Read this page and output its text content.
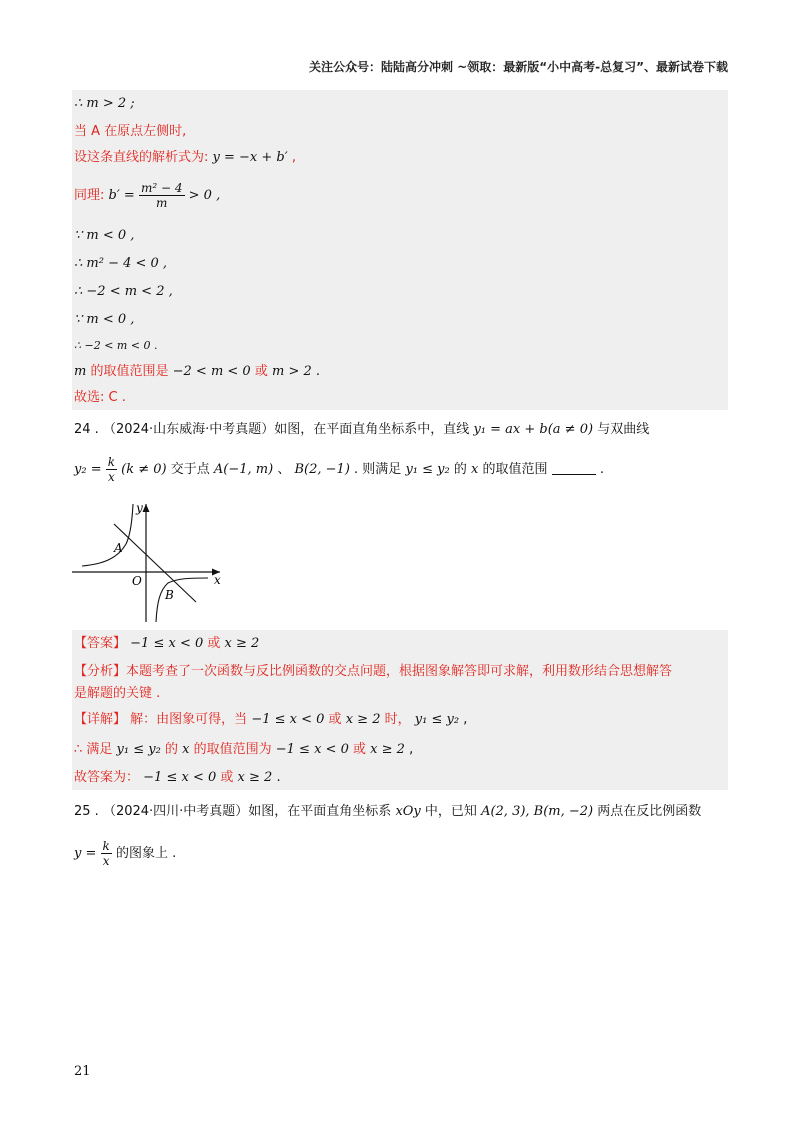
关注公众号：陆陆高分冲刺 ~领取：最新版“小中高考-总复习”、最新试卷下载
∴ m > 2 ;
当 A 在原点左侧时,
设这条直线的解析式为: y = −x + b′ ,
同理: $b' = \frac{\text{m² − 4}}{m} > 0$ ,
∵ m < 0 ,
∴ m² − 4 < 0 ,
∴ −2 < m < 2 ,
∵ m < 0 ,
∴ −2 < m < 0 .
m 的取值范围是 −2 < m < 0 或 m > 2 .
故选: C .
24 . （2024·山东威海·中考真题）如图，在平面直角坐标系中，直线 y₁ = ax + b(a ≠ 0) 与双曲线
$y_2 = \frac{k}{x} (k \ne 0)$ 交于点 A(−1, m) 、 B(2, −1) . 则满足 y₁ ≤ y₂ 的 x 的取值范围	.
y
x
O
A
B
【答案】 −1 ≤ x < 0 或 x ≥ 2
【分析】本题考查了一次函数与反比例函数的交点问题，根据图象解答即可求解，利用数形结合思想解答
是解题的关键 .
【详解】 解：由图象可得，当 −1 ≤ x < 0 或 x ≥ 2 时， y₁ ≤ y₂ ,
∴ 满足 y₁ ≤ y₂ 的 x 的取值范围为 −1 ≤ x < 0 或 x ≥ 2 ,
故答案为： −1 ≤ x < 0 或 x ≥ 2 .
25 . （2024·四川·中考真题）如图，在平面直角坐标系 xOy 中，已知 A(2, 3), B(m, −2) 两点在反比例函数
$y = \frac{k}{x}$ 的图象上 .
21
